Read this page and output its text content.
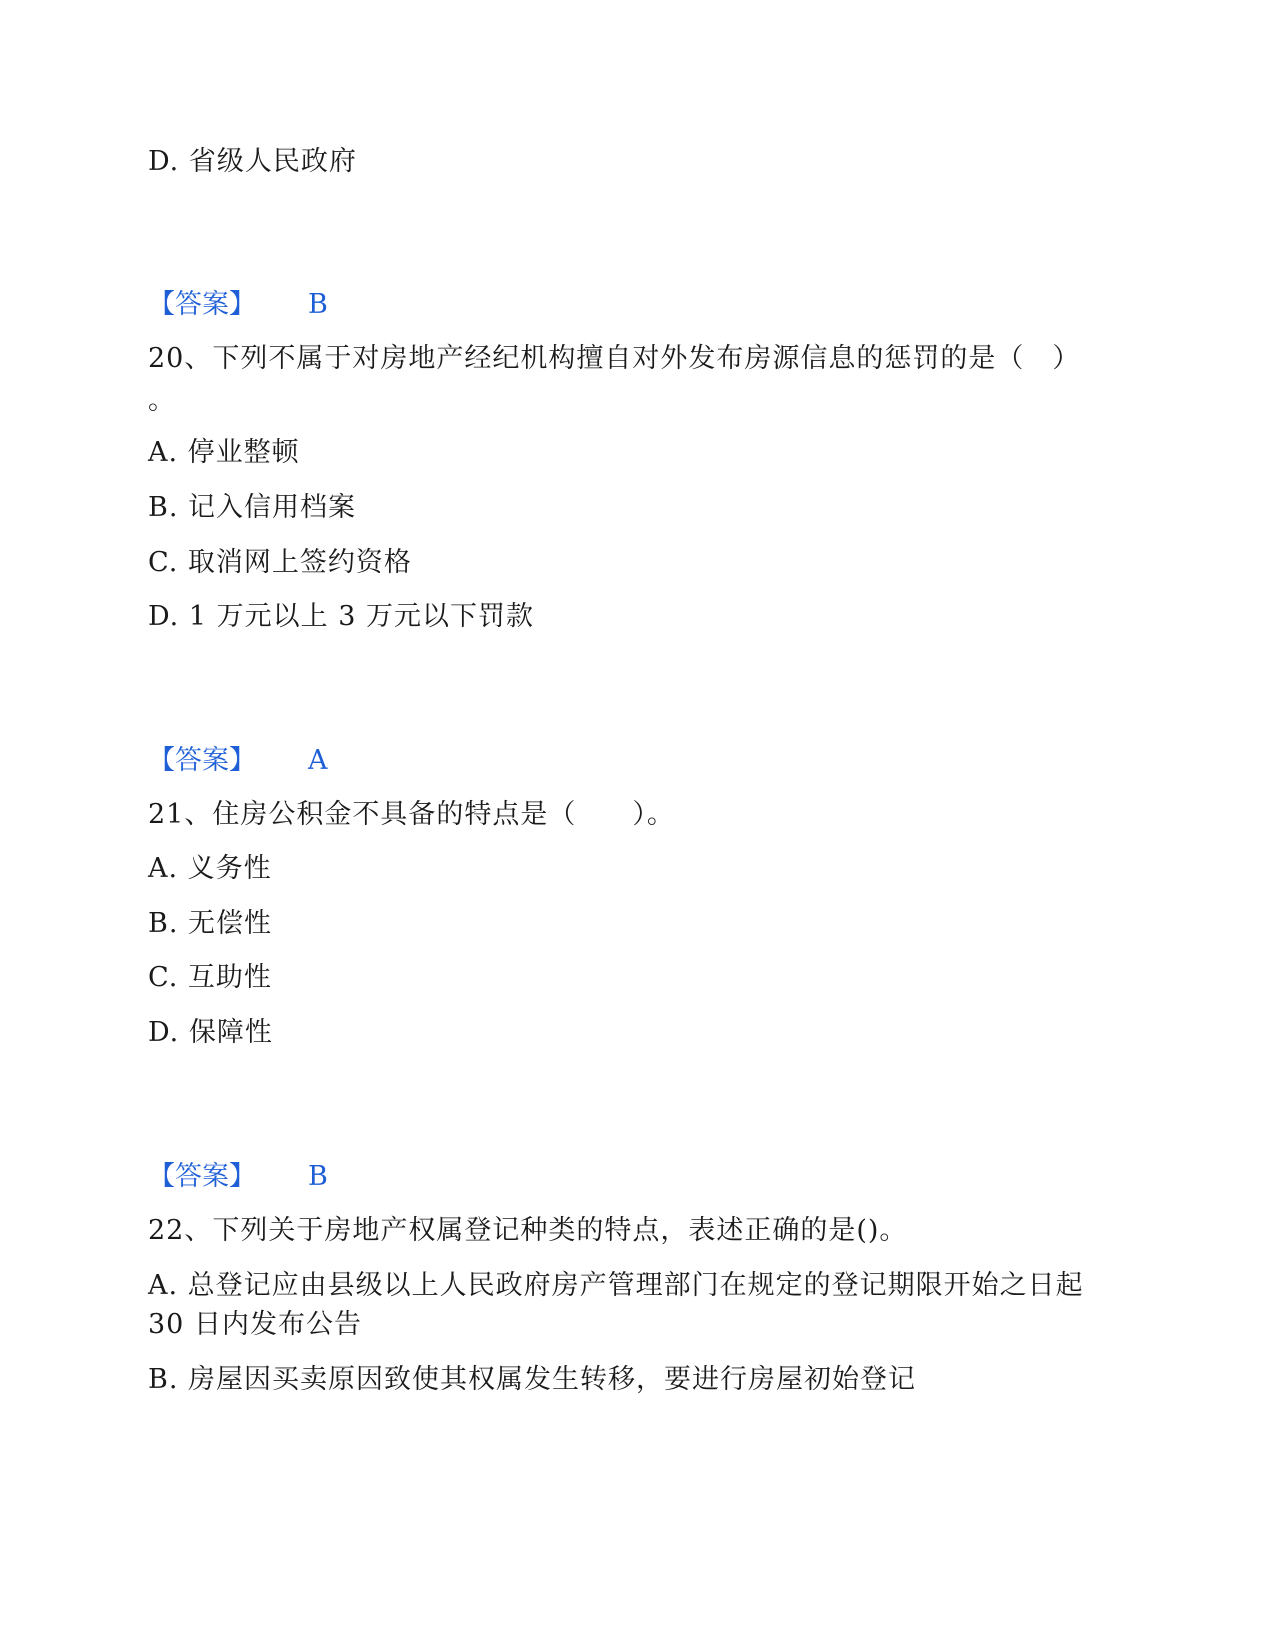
D. 省级人民政府
【答案】 B
20、下列不属于对房地产经纪机构擅自对外发布房源信息的惩罚的是（　）
。
A. 停业整顿
B. 记入信用档案
C. 取消网上签约资格
D. 1 万元以上 3 万元以下罚款
【答案】 A
21、住房公积金不具备的特点是（　　）。
A. 义务性
B. 无偿性
C. 互助性
D. 保障性
【答案】 B
22、下列关于房地产权属登记种类的特点，表述正确的是()。
A. 总登记应由县级以上人民政府房产管理部门在规定的登记期限开始之日起
30 日内发布公告
B. 房屋因买卖原因致使其权属发生转移，要进行房屋初始登记
